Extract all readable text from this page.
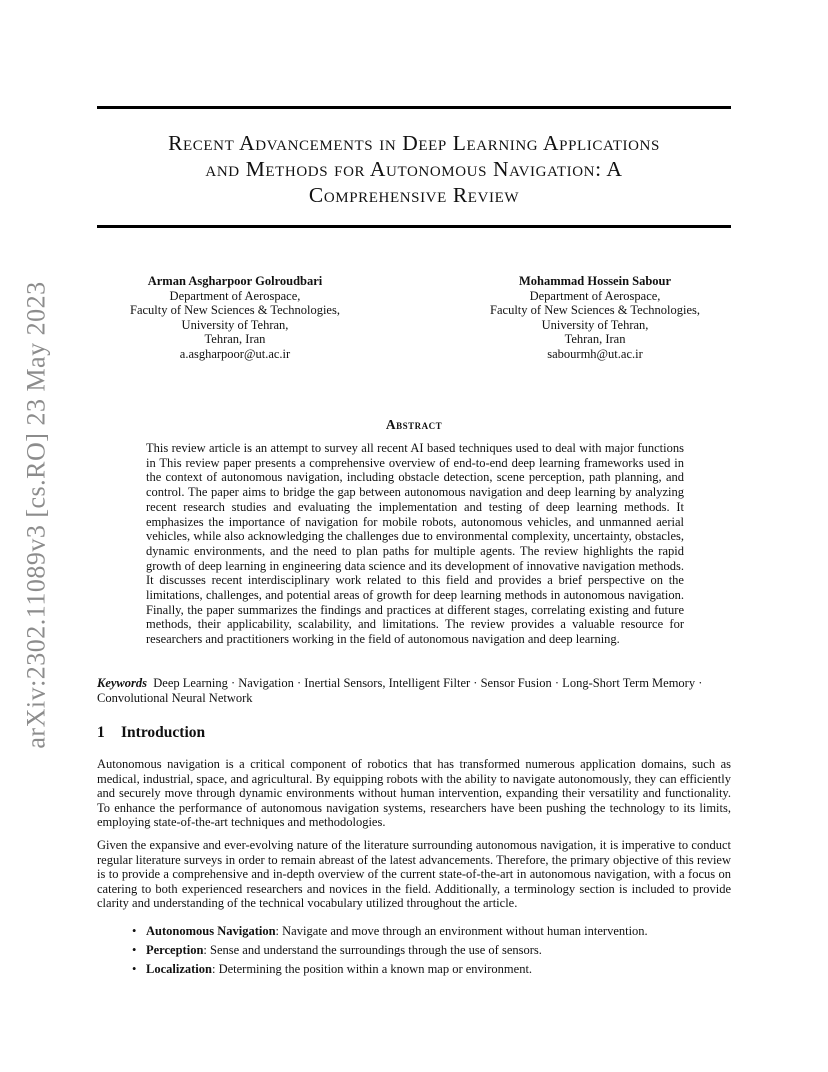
arXiv:2302.11089v3 [cs.RO] 23 May 2023
Recent Advancements in Deep Learning Applications
and Methods for Autonomous Navigation: A
Comprehensive Review
Arman Asgharpoor Golroudbari
Department of Aerospace,
Faculty of New Sciences & Technologies,
University of Tehran,
Tehran, Iran
a.asgharpoor@ut.ac.ir
Mohammad Hossein Sabour
Department of Aerospace,
Faculty of New Sciences & Technologies,
University of Tehran,
Tehran, Iran
sabourmh@ut.ac.ir
Abstract
This review article is an attempt to survey all recent AI based techniques used to deal with major functions in This review paper presents a comprehensive overview of end-to-end deep learning frameworks used in the context of autonomous navigation, including obstacle detection, scene perception, path planning, and control. The paper aims to bridge the gap between autonomous navigation and deep learning by analyzing recent research studies and evaluating the implementation and testing of deep learning methods. It emphasizes the importance of navigation for mobile robots, autonomous vehicles, and unmanned aerial vehicles, while also acknowledging the challenges due to environmental complexity, uncertainty, obstacles, dynamic environments, and the need to plan paths for multiple agents. The review highlights the rapid growth of deep learning in engineering data science and its development of innovative navigation methods. It discusses recent interdisciplinary work related to this field and provides a brief perspective on the limitations, challenges, and potential areas of growth for deep learning methods in autonomous navigation. Finally, the paper summarizes the findings and practices at different stages, correlating existing and future methods, their applicability, scalability, and limitations. The review provides a valuable resource for researchers and practitioners working in the field of autonomous navigation and deep learning.
Keywords Deep Learning · Navigation · Inertial Sensors, Intelligent Filter · Sensor Fusion · Long-Short Term Memory · Convolutional Neural Network
1 Introduction

Autonomous navigation is a critical component of robotics that has transformed numerous application domains, such as medical, industrial, space, and agricultural. By equipping robots with the ability to navigate autonomously, they can efficiently and securely move through dynamic environments without human intervention, expanding their versatility and functionality. To enhance the performance of autonomous navigation systems, researchers have been pushing the technology to its limits, employing state-of-the-art techniques and methodologies.

Given the expansive and ever-evolving nature of the literature surrounding autonomous navigation, it is imperative to conduct regular literature surveys in order to remain abreast of the latest advancements. Therefore, the primary objective of this review is to provide a comprehensive and in-depth overview of the current state-of-the-art in autonomous navigation, with a focus on catering to both experienced researchers and novices in the field. Additionally, a terminology section is included to provide clarity and understanding of the technical vocabulary utilized throughout the article.

• Autonomous Navigation: Navigate and move through an environment without human intervention.
• Perception: Sense and understand the surroundings through the use of sensors.
• Localization: Determining the position within a known map or environment.
